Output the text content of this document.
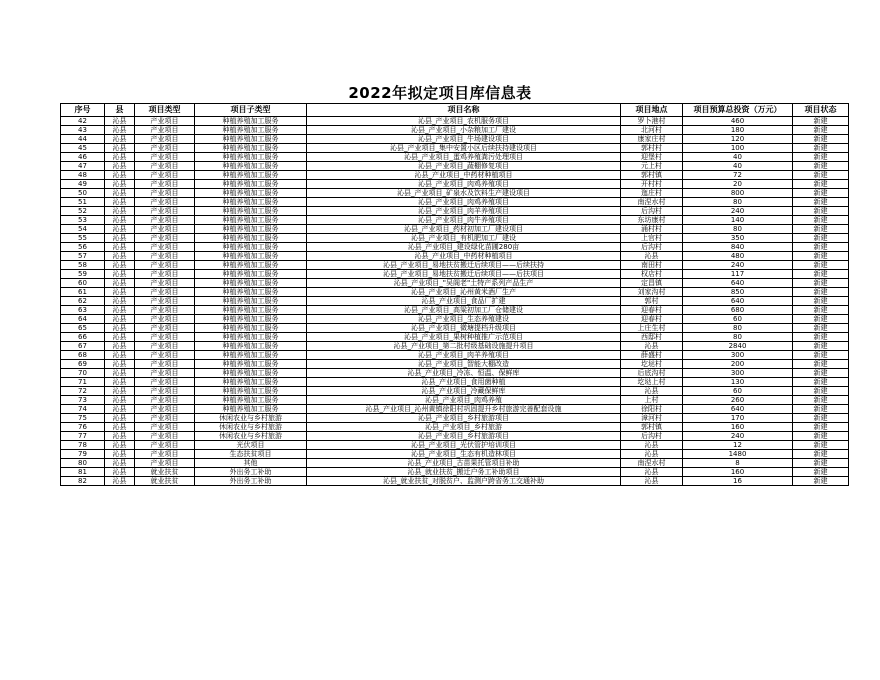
2022年拟定项目库信息表
序号	县	项目类型	项目子类型	项目名称	项目地点	项目预算总投资（万元）	项目状态
42	沁县	产业项目	种植养殖加工服务	沁县_产业项目_农机服务项目	罗卜港村	460	新建
43	沁县	产业项目	种植养殖加工服务	沁县_产业项目_小杂粮加工厂建设	北河村	180	新建
44	沁县	产业项目	种植养殖加工服务	沁县_产业项目_牛场建设项目	康家庄村	120	新建
45	沁县	产业项目	种植养殖加工服务	沁县_产业项目_集中安置小区后续扶持建设项目	郭村村	100	新建
46	沁县	产业项目	种植养殖加工服务	沁县_产业项目_蛋鸡养殖粪污处理项目	迎堡村	40	新建
47	沁县	产业项目	种植养殖加工服务	沁县_产业项目_蔬棚修复项目	元上村	40	新建
48	沁县	产业项目	种植养殖加工服务	沁县_产业项目_中药材种植项目	郭村镇	72	新建
49	沁县	产业项目	种植养殖加工服务	沁县_产业项目_肉鸡养殖项目	开村村	20	新建
50	沁县	产业项目	种植养殖加工服务	沁县_产业项目_矿泉水及饮料生产建设项目	迤庄村	800	新建
51	沁县	产业项目	种植养殖加工服务	沁县_产业项目_肉鸡养殖项目	南涅水村	80	新建
52	沁县	产业项目	种植养殖加工服务	沁县_产业项目_肉羊养殖项目	后沟村	240	新建
53	沁县	产业项目	种植养殖加工服务	沁县_产业项目_肉牛养殖项目	东坊康村	140	新建
54	沁县	产业项目	种植养殖加工服务	沁县_产业项目_药材初加工厂建设项目	涌村村	80	新建
55	沁县	产业项目	种植养殖加工服务	沁县_产业项目_有机肥加工厂建设	上官村	350	新建
56	沁县	产业项目	种植养殖加工服务	沁县_产业项目_建设绿化苗圃280亩	后沟村	840	新建
57	沁县	产业项目	种植养殖加工服务	沁县_产业项目_中药材种植项目	沁县	480	新建
58	沁县	产业项目	种植养殖加工服务	沁县_产业项目_易地扶贫搬迁后续项目——后续扶持	南田村	240	新建
59	沁县	产业项目	种植养殖加工服务	沁县_产业项目_易地扶贫搬迁后续项目——后扶项目	权店村	117	新建
60	沁县	产业项目	种植养殖加工服务	沁县_产业项目_"吴阁老"土特产系列产品生产	定昌镇	640	新建
61	沁县	产业项目	种植养殖加工服务	沁县_产业项目_沁州黄米酒厂生产	刘家沟村	850	新建
62	沁县	产业项目	种植养殖加工服务	沁县_产业项目_食品厂扩建	郭村	640	新建
63	沁县	产业项目	种植养殖加工服务	沁县_产业项目_高粱初加工厂仓储建设	迎春村	680	新建
64	沁县	产业项目	种植养殖加工服务	沁县_产业项目_生态养殖建设	迎春村	60	新建
65	沁县	产业项目	种植养殖加工服务	沁县_产业项目_微塘提档升级项目	上庄生村	80	新建
66	沁县	产业项目	种植养殖加工服务	沁县_产业项目_果树种植推广示范项目	西邸村	80	新建
67	沁县	产业项目	种植养殖加工服务	沁县_产业项目_第二批村级基础设施提升项目	沁县	2840	新建
68	沁县	产业项目	种植养殖加工服务	沁县_产业项目_肉羊养殖项目	薛盛村	300	新建
69	沁县	产业项目	种植养殖加工服务	沁县_产业项目_智能大棚改造	圪垯村	200	新建
70	沁县	产业项目	种植养殖加工服务	沁县_产业项目_冷冻、恒温、保鲜库	后底沟村	300	新建
71	沁县	产业项目	种植养殖加工服务	沁县_产业项目_食用菌种植	圪垯上村	130	新建
72	沁县	产业项目	种植养殖加工服务	沁县_产业项目_冷藏保鲜库	沁县	60	新建
73	沁县	产业项目	种植养殖加工服务	沁县_产业项目_肉鸡养殖	上村	260	新建
74	沁县	产业项目	种植养殖加工服务	沁县_产业项目_沁州黄镇徐阳村巩固提升乡村旅游完善配套设施	徐阳村	640	新建
75	沁县	产业项目	休闲农业与乡村旅游	沁县_产业项目_乡村旅游项目	漳河村	170	新建
76	沁县	产业项目	休闲农业与乡村旅游	沁县_产业项目_乡村旅游	郭村镇	160	新建
77	沁县	产业项目	休闲农业与乡村旅游	沁县_产业项目_乡村旅游项目	后沟村	240	新建
78	沁县	产业项目	光伏项目	沁县_产业项目_光伏管护培训项目	沁县	12	新建
79	沁县	产业项目	生态扶贫项目	沁县_产业项目_生态有机造林项目	沁县	1480	新建
80	沁县	产业项目	其他	沁县_产业项目_古苗果托管项目补助	南涅水村	8	新建
81	沁县	就业扶贫	外出务工补助	沁县_就业扶贫_搬迁户务工补助项目	沁县	160	新建
82	沁县	就业扶贫	外出务工补助	沁县_就业扶贫_对脱贫户、监测户跨省务工交通补助	沁县	16	新建
